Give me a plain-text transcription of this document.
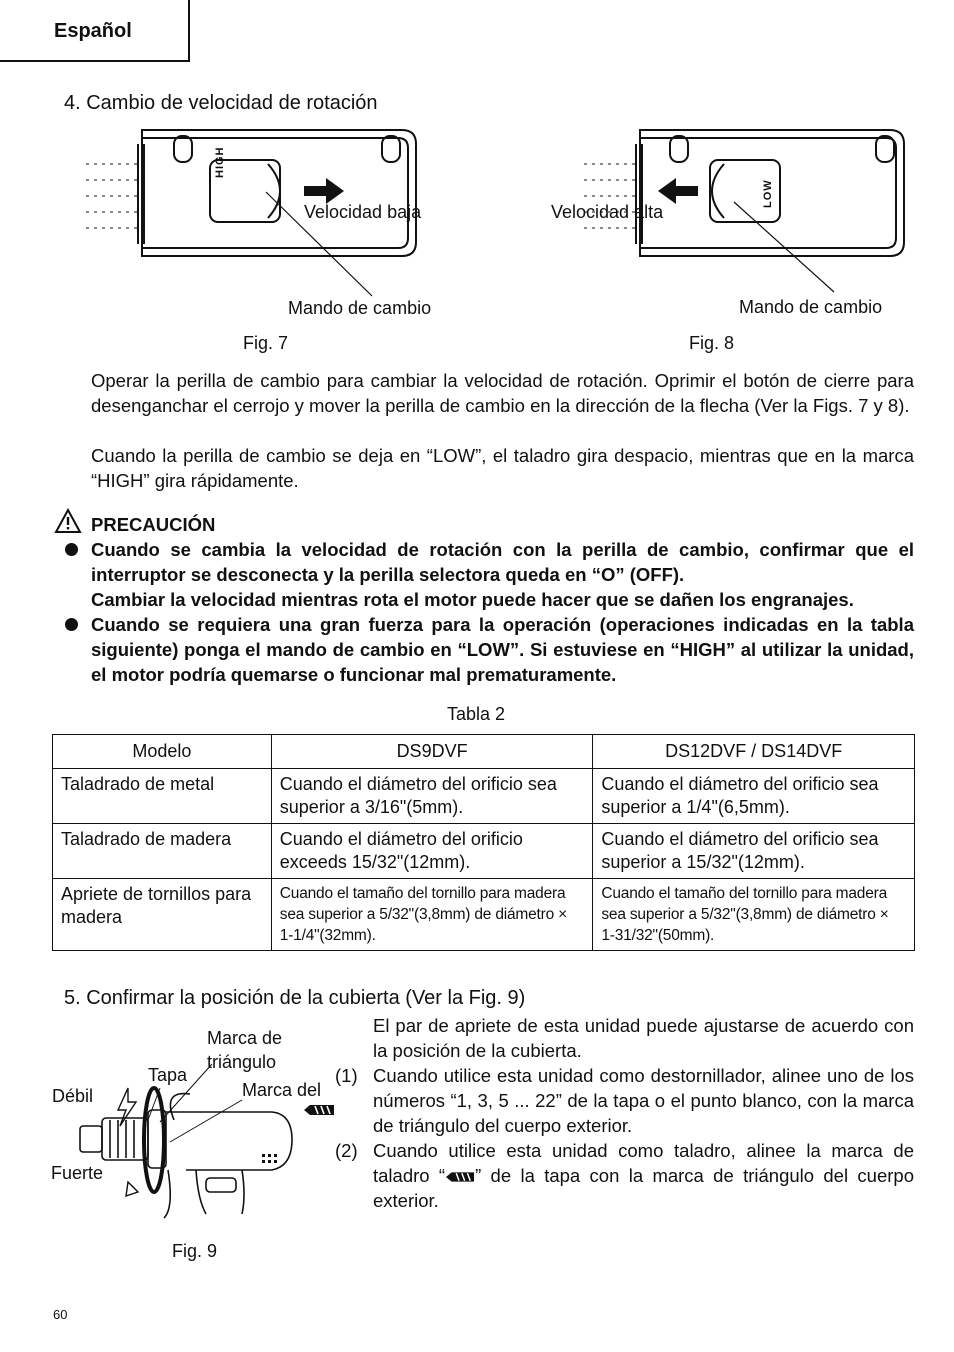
Español
4. Cambio de velocidad de rotación
HIGH
Velocidad baja
Mando de cambio
Fig. 7
LOW
Velocidad alta
Mando de cambio
Fig. 8
Operar la perilla de cambio para cambiar la velocidad de rotación. Oprimir el botón de cierre para desenganchar el cerrojo y mover la perilla de cambio en la dirección de la flecha (Ver la Figs. 7 y 8).
Cuando la perilla de cambio se deja en “LOW”, el taladro gira despacio, mientras que en la marca “HIGH” gira rápidamente.
PRECAUCIÓN
Cuando se cambia la velocidad de rotación con la perilla de cambio, confirmar que el interruptor se desconecta y la perilla selectora queda en “O” (OFF).
Cambiar la velocidad mientras rota el motor puede hacer que se dañen los engranajes.
Cuando se requiera una gran fuerza para la operación (operaciones indicadas en la tabla siguiente) ponga el mando de cambio en “LOW”. Si estuviese en “HIGH” al utilizar la unidad, el motor podría quemarse o funcionar mal prematuramente.
Tabla 2
Modelo	DS9DVF	DS12DVF / DS14DVF
Taladrado de metal	Cuando el diámetro del orificio sea superior a 3/16"(5mm).	Cuando el diámetro del orificio sea superior a 1/4"(6,5mm).
Taladrado de madera	Cuando el diámetro del orificio exceeds 15/32"(12mm).	Cuando el diámetro del orificio sea superior a 15/32"(12mm).
Apriete de tornillos para madera	Cuando el tamaño del tornillo para madera sea superior a 5/32"(3,8mm) de diámetro × 1-1/4"(32mm).	Cuando el tamaño del tornillo para madera sea superior a 5/32"(3,8mm) de diámetro × 1-31/32"(50mm).
5. Confirmar la posición de la cubierta (Ver la Fig. 9)
Marca de triángulo
Tapa
Débil	Marca del
Fuerte
Fig. 9
El par de apriete de esta unidad puede ajustarse de acuerdo con la posición de la cubierta.
(1) Cuando utilice esta unidad como destornillador, alinee uno de los números “1, 3, 5 ... 22” de la tapa o el punto blanco, con la marca de triángulo del cuerpo exterior.
(2) Cuando utilice esta unidad como taladro, alinee la marca de taladro “ ” de la tapa con la marca de triángulo del cuerpo exterior.
60
